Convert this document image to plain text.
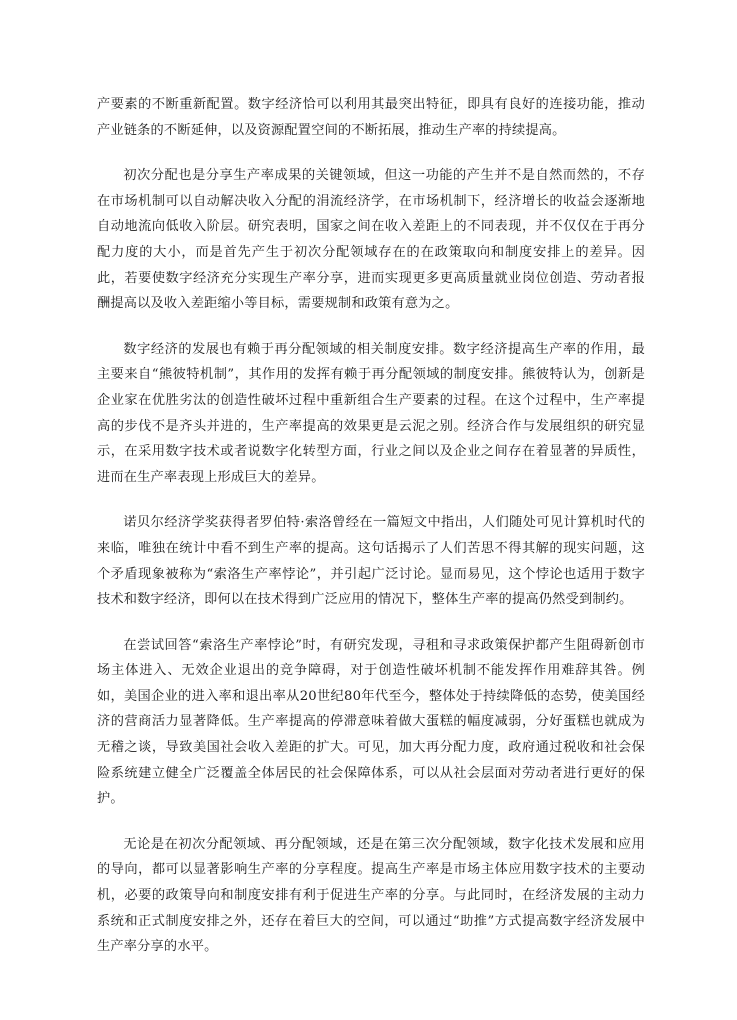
产要素的不断重新配置。数字经济恰可以利用其最突出特征，即具有良好的连接功能，推动产业链条的不断延伸，以及资源配置空间的不断拓展，推动生产率的持续提高。

初次分配也是分享生产率成果的关键领域，但这一功能的产生并不是自然而然的，不存在市场机制可以自动解决收入分配的涓流经济学，在市场机制下，经济增长的收益会逐渐地自动地流向低收入阶层。研究表明，国家之间在收入差距上的不同表现，并不仅仅在于再分配力度的大小，而是首先产生于初次分配领域存在的在政策取向和制度安排上的差异。因此，若要使数字经济充分实现生产率分享，进而实现更多更高质量就业岗位创造、劳动者报酬提高以及收入差距缩小等目标，需要规制和政策有意为之。

数字经济的发展也有赖于再分配领域的相关制度安排。数字经济提高生产率的作用，最主要来自“熊彼特机制”，其作用的发挥有赖于再分配领域的制度安排。熊彼特认为，创新是企业家在优胜劣汰的创造性破坏过程中重新组合生产要素的过程。在这个过程中，生产率提高的步伐不是齐头并进的，生产率提高的效果更是云泥之别。经济合作与发展组织的研究显示，在采用数字技术或者说数字化转型方面，行业之间以及企业之间存在着显著的异质性，进而在生产率表现上形成巨大的差异。

诺贝尔经济学奖获得者罗伯特·索洛曾经在一篇短文中指出，人们随处可见计算机时代的来临，唯独在统计中看不到生产率的提高。这句话揭示了人们苦思不得其解的现实问题，这个矛盾现象被称为“索洛生产率悖论”，并引起广泛讨论。显而易见，这个悖论也适用于数字技术和数字经济，即何以在技术得到广泛应用的情况下，整体生产率的提高仍然受到制约。

在尝试回答“索洛生产率悖论”时，有研究发现，寻租和寻求政策保护都产生阻碍新创市场主体进入、无效企业退出的竞争障碍，对于创造性破坏机制不能发挥作用难辞其咎。例如，美国企业的进入率和退出率从20世纪80年代至今，整体处于持续降低的态势，使美国经济的营商活力显著降低。生产率提高的停滞意味着做大蛋糕的幅度减弱，分好蛋糕也就成为无稽之谈，导致美国社会收入差距的扩大。可见，加大再分配力度，政府通过税收和社会保险系统建立健全广泛覆盖全体居民的社会保障体系，可以从社会层面对劳动者进行更好的保护。

无论是在初次分配领域、再分配领域，还是在第三次分配领域，数字化技术发展和应用的导向，都可以显著影响生产率的分享程度。提高生产率是市场主体应用数字技术的主要动机，必要的政策导向和制度安排有利于促进生产率的分享。与此同时，在经济发展的主动力系统和正式制度安排之外，还存在着巨大的空间，可以通过“助推”方式提高数字经济发展中生产率分享的水平。
